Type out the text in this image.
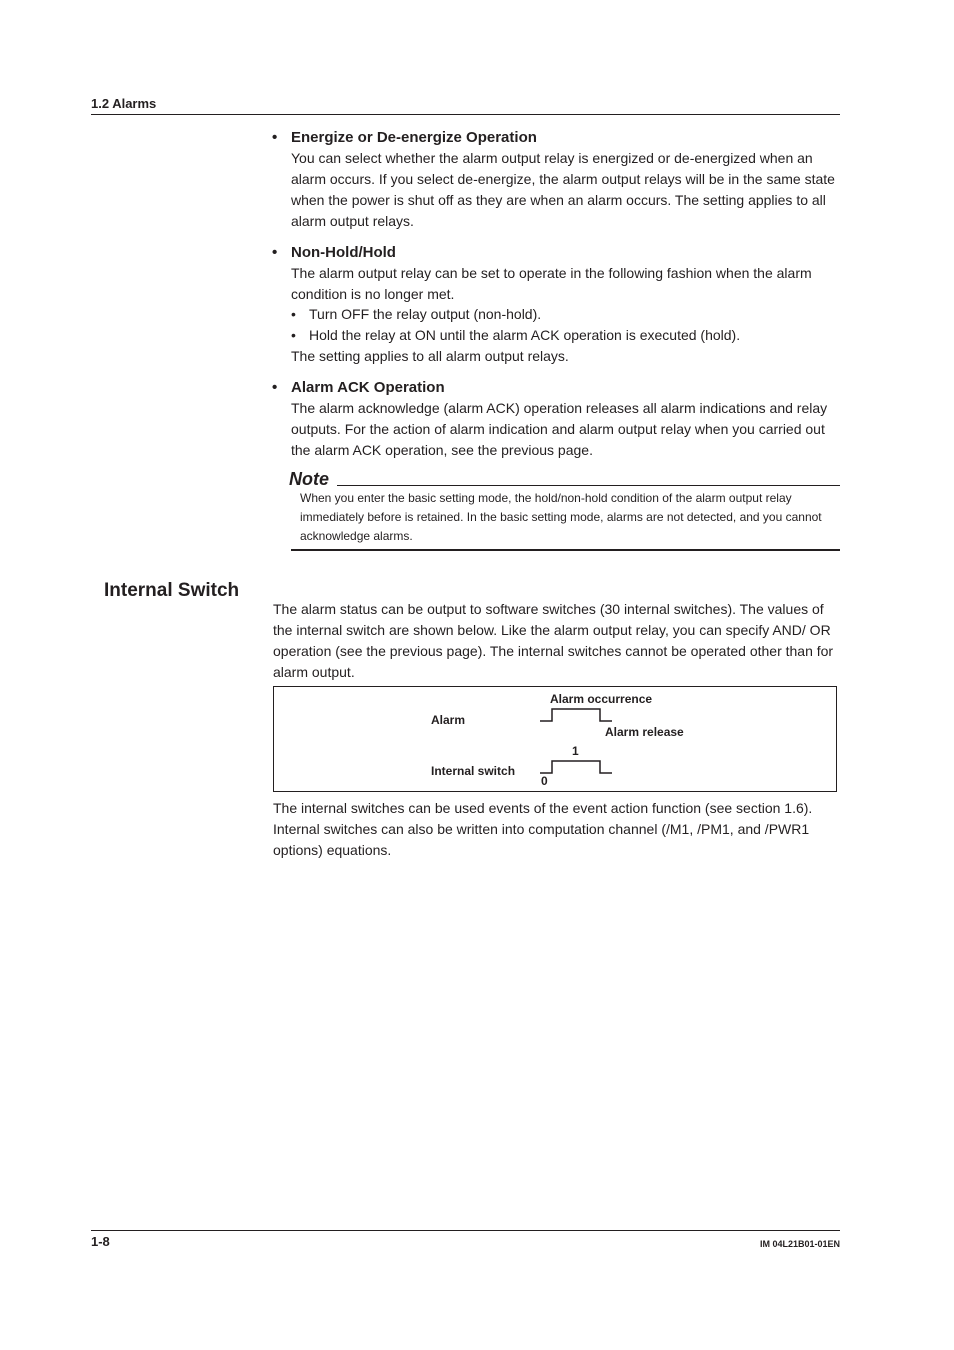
1.2 Alarms
• Energize or De-energize Operation
You can select whether the alarm output relay is energized or de-energized when an alarm occurs. If you select de-energize, the alarm output relays will be in the same state when the power is shut off as they are when an alarm occurs. The setting applies to all alarm output relays.
• Non-Hold/Hold
The alarm output relay can be set to operate in the following fashion when the alarm condition is no longer met.
• Turn OFF the relay output (non-hold).
• Hold the relay at ON until the alarm ACK operation is executed (hold).
The setting applies to all alarm output relays.
• Alarm ACK Operation
The alarm acknowledge (alarm ACK) operation releases all alarm indications and relay outputs. For the action of alarm indication and alarm output relay when you carried out the alarm ACK operation, see the previous page.
Note
When you enter the basic setting mode, the hold/non-hold condition of the alarm output relay immediately before is retained. In the basic setting mode, alarms are not detected, and you cannot acknowledge alarms.
Internal Switch
The alarm status can be output to software switches (30 internal switches). The values of the internal switch are shown below. Like the alarm output relay, you can specify AND/ OR operation (see the previous page). The internal switches cannot be operated other than for alarm output.
Alarm
Alarm occurrence
Alarm release
1
Internal switch
0
The internal switches can be used events of the event action function (see section 1.6). Internal switches can also be written into computation channel (/M1, /PM1, and /PWR1 options) equations.
1-8	IM 04L21B01-01EN
